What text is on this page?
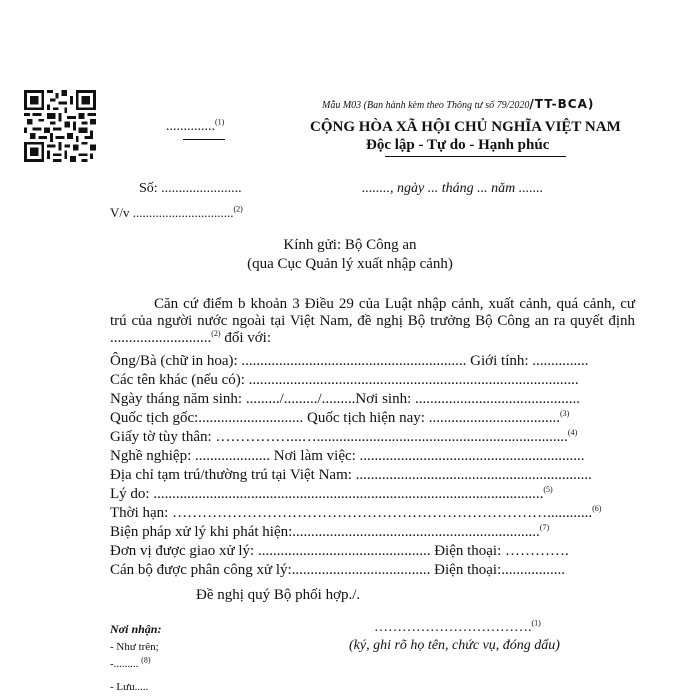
Mẫu M03 (Ban hành kèm theo Thông tư số 79/2020/TT-BCA)
..............$^{(1)}$	CỘNG HÒA XÃ HỘI CHỦ NGHĨA VIỆT NAM
Độc lập - Tự do - Hạnh phúc
Số: .......................	........, ngày ... tháng ... năm .......
V/v ...............................$^{(2)}$
Kính gửi: Bộ Công an
(qua Cục Quản lý xuất nhập cảnh)
Căn cứ điểm b khoản 3 Điều 29 của Luật nhập cảnh, xuất cảnh, quá cảnh, cư trú của người nước ngoài tại Việt Nam, đề nghị Bộ trưởng Bộ Công an ra quyết định ...........................$^{(2)}$ đối với:
Ông/Bà (chữ in hoa): ............................................................ Giới tính: ...............
Các tên khác (nếu có): ........................................................................................
Ngày tháng năm sinh: ........./........./.........Nơi sinh: ............................................
Quốc tịch gốc:............................ Quốc tịch hiện nay: ...................................$^{(3)}$
Giấy tờ tùy thân: ……………...…...................................................................$^{(4)}$
Nghề nghiệp: .................... Nơi làm việc: ............................................................
Địa chỉ tạm trú/thường trú tại Việt Nam: ...............................................................
Lý do: ........................................................................................................$^{(5)}$
Thời hạn: …………………………………………………………………............$^{(6)}$
Biện pháp xử lý khi phát hiện:..................................................................$^{(7)}$
Đơn vị được giao xử lý: .............................................. Điện thoại: ………….
Cán bộ được phân công xử lý:..................................... Điện thoại:.................
Đề nghị quý Bộ phối hợp./.
Nơi nhận:
- Như trên;
-......... $^{(8)}$
- Lưu.....
…………………………….$^{(1)}$
(ký, ghi rõ họ tên, chức vụ, đóng dấu)
